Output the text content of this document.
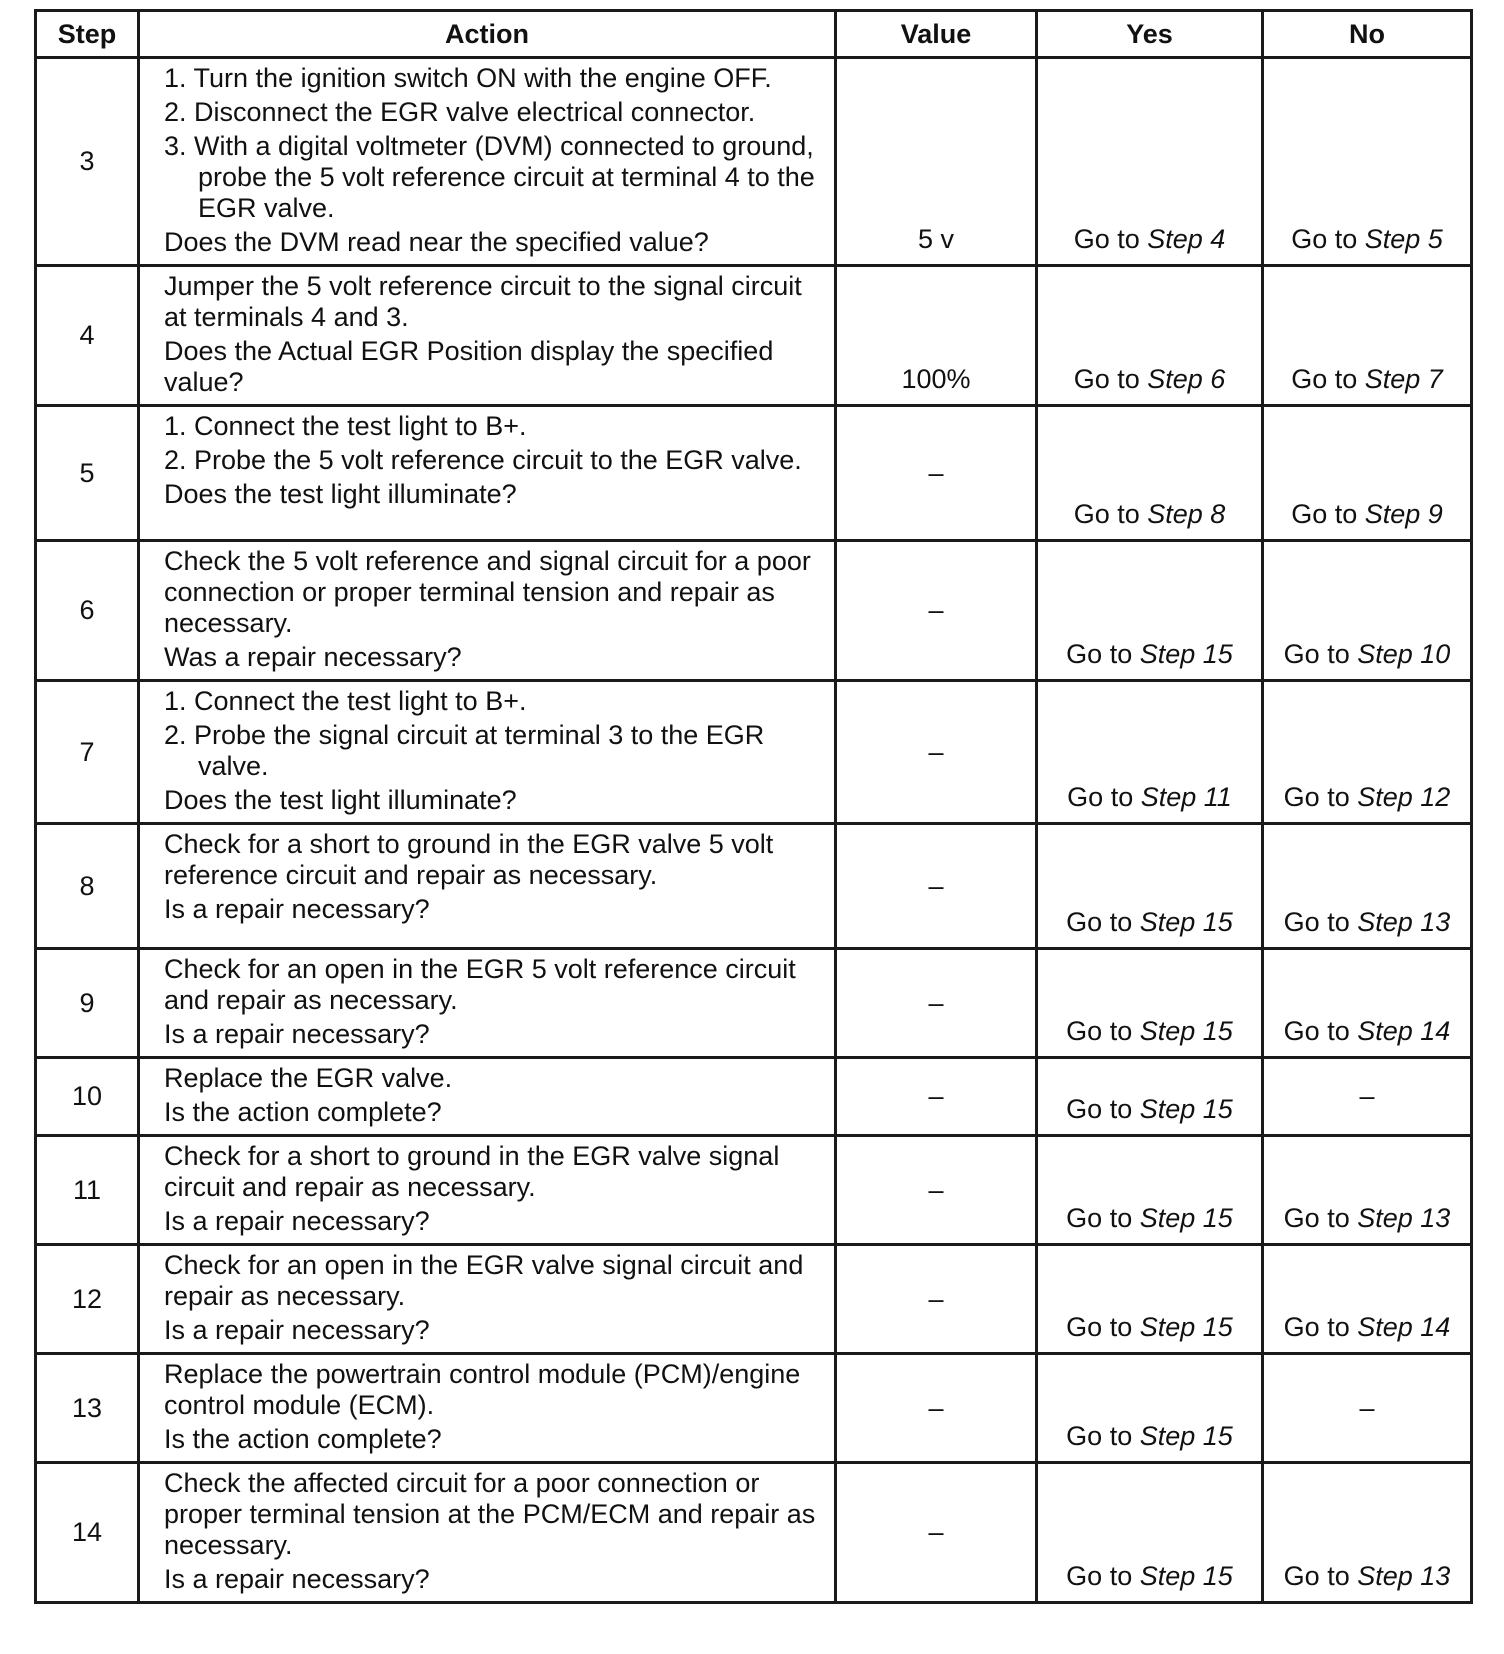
Step	Action	Value	Yes	No
3	1. Turn the ignition switch ON with the engine OFF.
2. Disconnect the EGR valve electrical connector.
3. With a digital voltmeter (DVM) connected to ground, probe the 5 volt reference circuit at terminal 4 to the EGR valve.
Does the DVM read near the specified value?	5 v	Go to Step 4	Go to Step 5
4	Jumper the 5 volt reference circuit to the signal circuit at terminals 4 and 3.
Does the Actual EGR Position display the specified value?	100%	Go to Step 6	Go to Step 7
5	1. Connect the test light to B+.
2. Probe the 5 volt reference circuit to the EGR valve.
Does the test light illuminate?	–	Go to Step 8	Go to Step 9
6	Check the 5 volt reference and signal circuit for a poor connection or proper terminal tension and repair as necessary.
Was a repair necessary?	–	Go to Step 15	Go to Step 10
7	1. Connect the test light to B+.
2. Probe the signal circuit at terminal 3 to the EGR valve.
Does the test light illuminate?	–	Go to Step 11	Go to Step 12
8	Check for a short to ground in the EGR valve 5 volt reference circuit and repair as necessary.
Is a repair necessary?	–	Go to Step 15	Go to Step 13
9	Check for an open in the EGR 5 volt reference circuit and repair as necessary.
Is a repair necessary?	–	Go to Step 15	Go to Step 14
10	Replace the EGR valve.
Is the action complete?	–	Go to Step 15	–
11	Check for a short to ground in the EGR valve signal circuit and repair as necessary.
Is a repair necessary?	–	Go to Step 15	Go to Step 13
12	Check for an open in the EGR valve signal circuit and repair as necessary.
Is a repair necessary?	–	Go to Step 15	Go to Step 14
13	Replace the powertrain control module (PCM)/engine control module (ECM).
Is the action complete?	–	Go to Step 15	–
14	Check the affected circuit for a poor connection or proper terminal tension at the PCM/ECM and repair as necessary.
Is a repair necessary?	–	Go to Step 15	Go to Step 13
